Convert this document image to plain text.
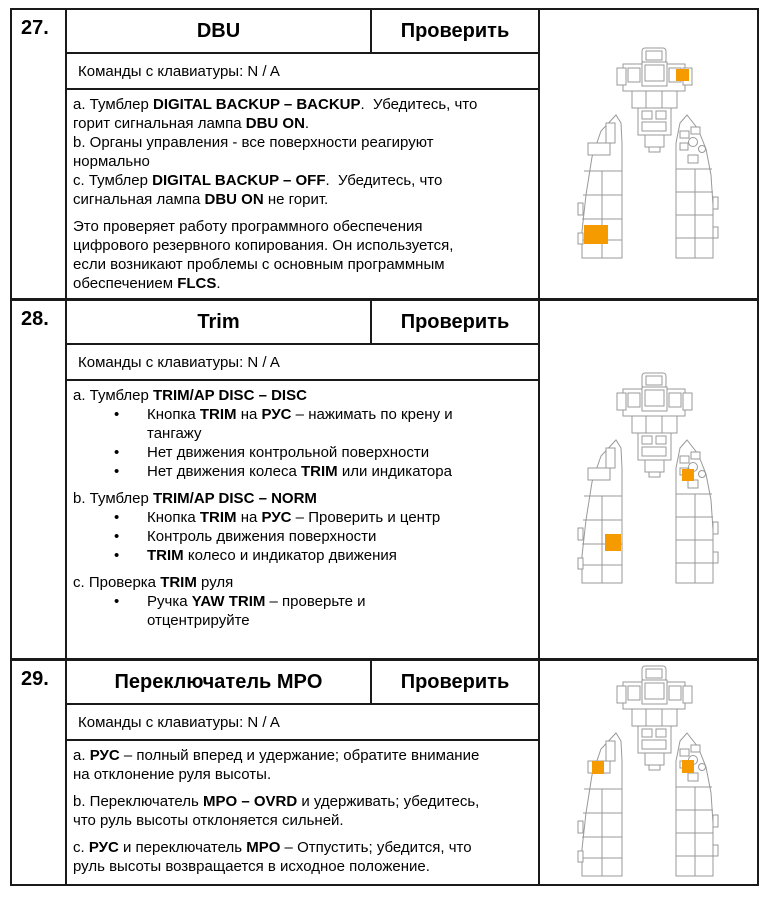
27.	DBU	Проверить
Команды с клавиатуры: N / A
a. Тумблер DIGITAL BACKUP – BACKUP.  Убедитесь, что
горит сигнальная лампа DBU ON.
b. Органы управления - все поверхности реагируют
нормально
c. Тумблер DIGITAL BACKUP – OFF.  Убедитесь, что
сигнальная лампа DBU ON не горит.
Это проверяет работу программного обеспечения
цифрового резервного копирования. Он используется,
если возникают проблемы с основным программным
обеспечением FLCS.
28.	Trim	Проверить
Команды с клавиатуры: N / A
a. Тумблер TRIM/AP DISC – DISC
• Кнопка TRIM на РУС – нажимать по крену и
тангажу
• Нет движения контрольной поверхности
• Нет движения колеса TRIM или индикатора
b. Тумблер TRIM/AP DISC – NORM
• Кнопка TRIM на РУС – Проверить и центр
• Контроль движения поверхности
• TRIM колесо и индикатор движения
c. Проверка TRIM руля
• Ручка YAW TRIM – проверьте и
отцентрируйте
29.	Переключатель MPO	Проверить
Команды с клавиатуры: N / A
a. РУС – полный вперед и удержание; обратите внимание
на отклонение руля высоты.
b. Переключатель MPO – OVRD и удерживать; убедитесь,
что руль высоты отклоняется сильней.
c. РУС и переключатель MPO – Отпустить; убедится, что
руль высоты возвращается в исходное положение.
